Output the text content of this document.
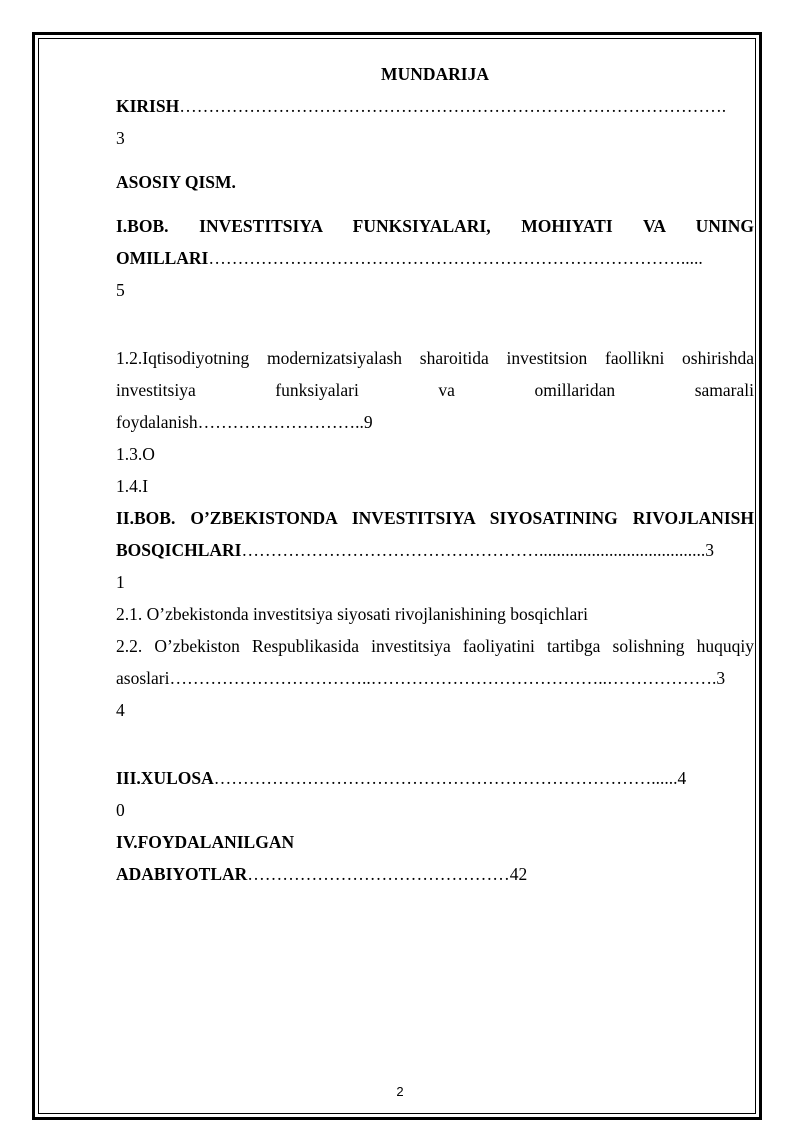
MUNDARIJA
KIRISH………………………………………………………………………………….
3
ASOSIY QISM.
I.BOB. INVESTITSIYA FUNKSIYALARI, MOHIYATI VA UNING
OMILLARI……………………………………………………………………….....
5
1.2.Iqtisodiyotning modernizatsiyalash sharoitida investitsion faollikni oshirishda
investitsiya funksiyalari va omillaridan samarali
foydalanish………………………..9
1.3.O
1.4.I
II.BOB. O’ZBEKISTONDA INVESTITSIYA SIYOSATINING RIVOJLANISH
BOSQICHLARI……………………………………………......................................3
1
2.1. O’zbekistonda investitsiya siyosati rivojlanishining bosqichlari
2.2. O’zbekiston Respublikasida investitsiya faoliyatini tartibga solishning huquqiy
asoslari……………………………..…………………………………..……………….3
4
III.XULOSA…………………………………………………………………......4
0
IV.FOYDALANILGAN
ADABIYOTLAR………………………………………42
2
